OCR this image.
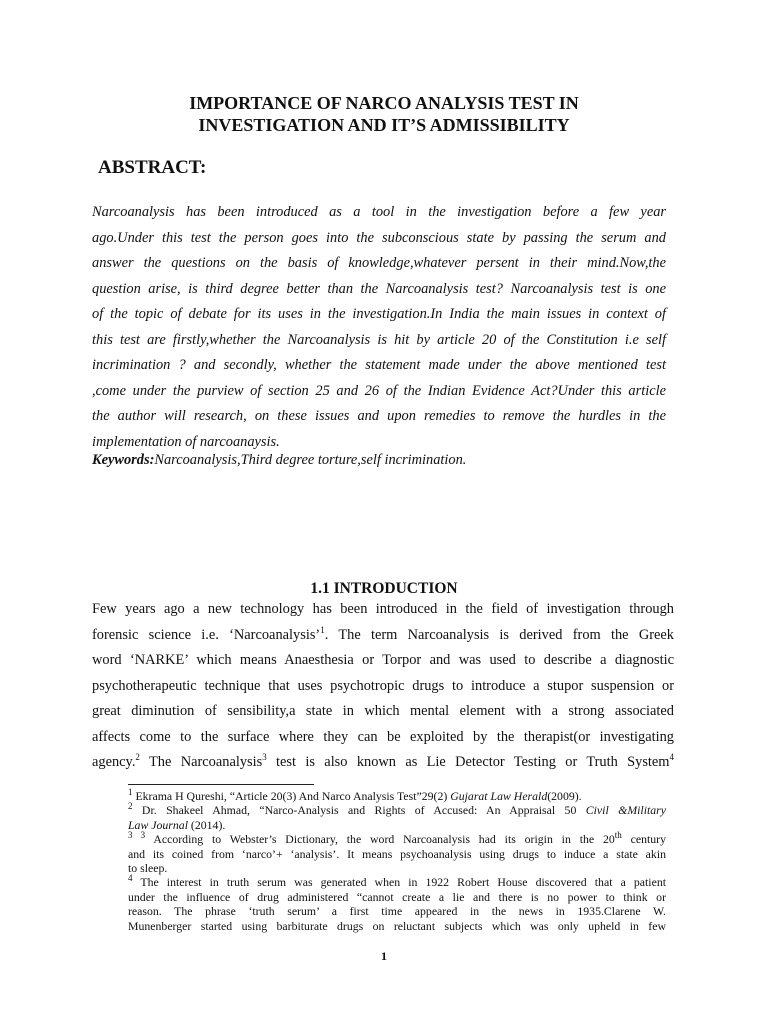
IMPORTANCE OF NARCO ANALYSIS TEST IN
INVESTIGATION AND IT’S ADMISSIBILITY
ABSTRACT:
Narcoanalysis has been introduced as a tool in the investigation before a few year
ago.Under this test the person goes into the subconscious state by passing the serum and
answer the questions on the basis of knowledge,whatever persent in their mind.Now,the
question arise, is third degree better than the Narcoanalysis test? Narcoanalysis test is one
of the topic of debate for its uses in the investigation.In India the main issues in context of
this test are firstly,whether the Narcoanalysis is hit by article 20 of the Constitution i.e self
incrimination ? and secondly, whether the statement made under the above mentioned test
,come under the purview of section 25 and 26 of the Indian Evidence Act?Under this article
the author will research, on these issues and upon remedies to remove the hurdles in the
implementation of narcoanaysis.
Keywords:Narcoanalysis,Third degree torture,self incrimination.
1.1 INTRODUCTION
Few years ago a new technology has been introduced in the field of investigation through
forensic science i.e. ‘Narcoanalysis’$^1$. The term Narcoanalysis is derived from the Greek
word ‘NARKE’ which means Anaesthesia or Torpor and was used to describe a diagnostic
psychotherapeutic technique that uses psychotropic drugs to introduce a stupor suspension or
great diminution of sensibility,a state in which mental element with a strong associated
affects come to the surface where they can be exploited by the therapist(or investigating
agency.$^2$ The Narcoanalysis$^3$ test is also known as Lie Detector Testing or Truth System$^4$
$^1$ Ekrama H Qureshi, “Article 20(3) And Narco Analysis Test”29(2) Gujarat Law Herald(2009).
$^2$ Dr. Shakeel Ahmad, “Narco-Analysis and Rights of Accused: An Appraisal 50 Civil &Military
Law Journal (2014).
$^{3 3}$ According to Webster’s Dictionary, the word Narcoanalysis had its origin in the 20th century
and its coined from ‘narco’+ ‘analysis’. It means psychoanalysis using drugs to induce a state akin
to sleep.
$^4$ The interest in truth serum was generated when in 1922 Robert House discovered that a patient
under the influence of drug administered “cannot create a lie and there is no power to think or
reason. The phrase ‘truth serum’ a first time appeared in the news in 1935.Clarene W.
Munenberger started using barbiturate drugs on reluctant subjects which was only upheld in few
1
